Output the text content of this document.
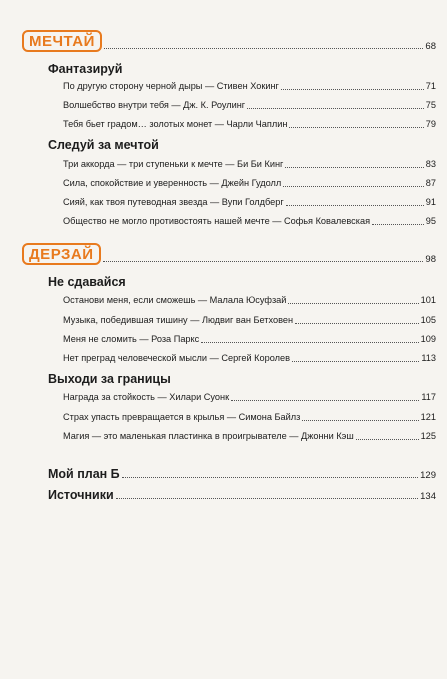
МЕЧТАЙ	68
Фантазируй
По другую сторону черной дыры — Стивен Хокинг	71
Волшебство внутри тебя — Дж. К. Роулинг	75
Тебя бьет градом… золотых монет — Чарли Чаплин	79
Следуй за мечтой
Три аккорда — три ступеньки к мечте — Би Би Кинг	83
Сила, спокойствие и уверенность — Джейн Гудолл	87
Сияй, как твоя путеводная звезда — Вупи Голдберг	91
Общество не могло противостоять нашей мечте — Софья Ковалевская	95
ДЕРЗАЙ	98
Не сдавайся
Останови меня, если сможешь — Малала Юсуфзай	101
Музыка, победившая тишину — Людвиг ван Бетховен	105
Меня не сломить — Роза Паркс	109
Нет преград человеческой мысли — Сергей Королев	113
Выходи за границы
Награда за стойкость — Хилари Суонк	117
Страх упасть превращается в крылья — Симона Байлз	121
Магия — это маленькая пластинка в проигрывателе — Джонни Кэш	125
Мой план Б	129
Источники	134
